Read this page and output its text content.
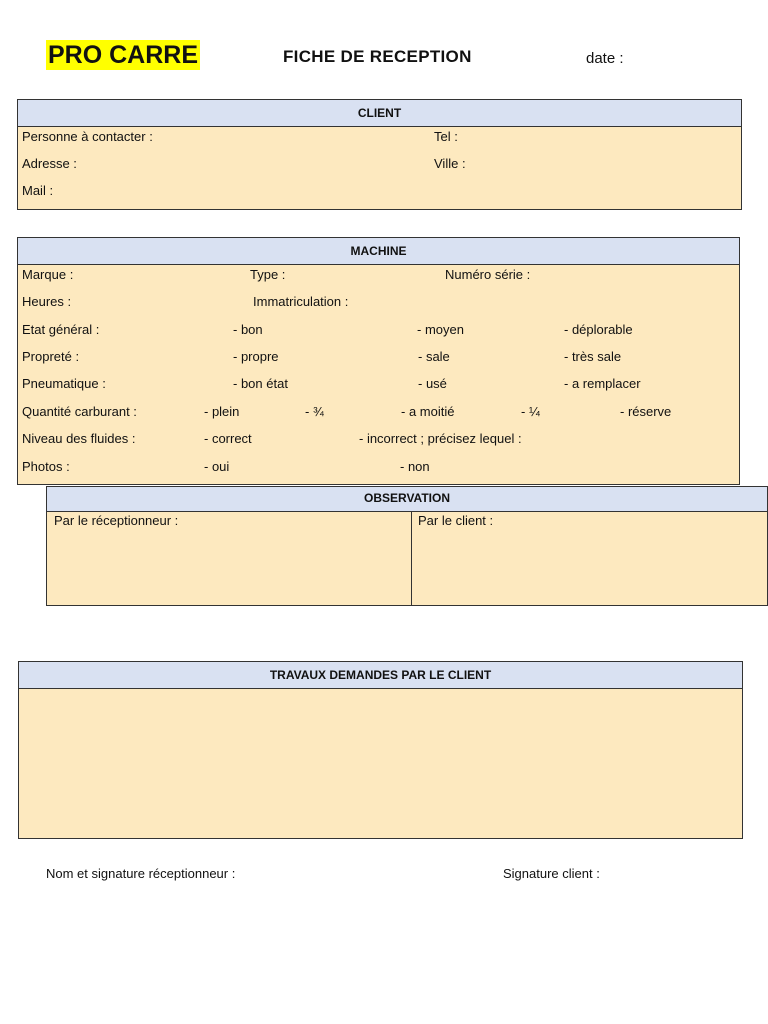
PRO CARRE	FICHE DE RECEPTION	date :
CLIENT
Personne à contacter :	Tel :
Adresse :	Ville :
Mail :
MACHINE
Marque :	Type :	Numéro série :
Heures :	Immatriculation :
Etat général :	- bon	- moyen	- déplorable
Propreté :	- propre	- sale	- très sale
Pneumatique :	- bon état	- usé	- a remplacer
Quantité carburant :	- plein	- ¾	- a moitié	- ¼	- réserve
Niveau des fluides :	- correct	- incorrect ; précisez lequel :
Photos :	- oui	- non
OBSERVATION
Par le réceptionneur :	Par le client :
TRAVAUX DEMANDES PAR LE CLIENT
Nom et signature réceptionneur :	Signature client :
